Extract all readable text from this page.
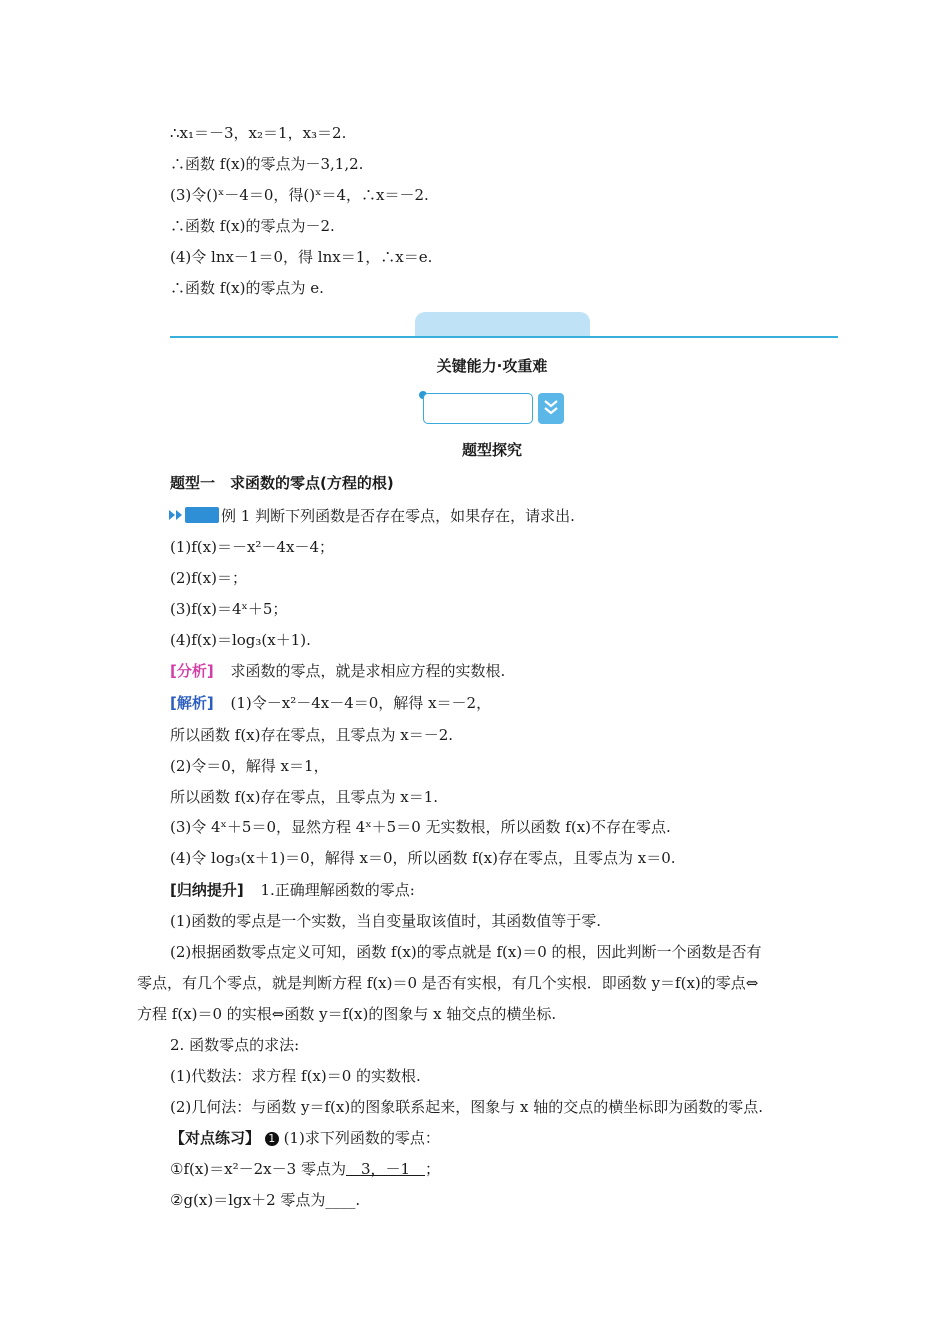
∴x₁＝－3，x₂＝1，x₃＝2.
∴函数 f(x)的零点为－3,1,2.
(3)令()ˣ－4＝0，得()ˣ＝4，∴x＝－2.
∴函数 f(x)的零点为－2.
(4)令 lnx－1＝0，得 lnx＝1，∴x＝e.
∴函数 f(x)的零点为 e.
关键能力·攻重难
题型探究
题型一　求函数的零点(方程的根)
例 1 判断下列函数是否存在零点，如果存在，请求出.
(1)f(x)＝－x²－4x－4；
(2)f(x)＝；
(3)f(x)＝4ˣ＋5；
(4)f(x)＝log₃(x＋1).
[分析] 求函数的零点，就是求相应方程的实数根.
[解析] (1)令－x²－4x－4＝0，解得 x＝－2，
所以函数 f(x)存在零点，且零点为 x＝－2.
(2)令＝0，解得 x＝1，
所以函数 f(x)存在零点，且零点为 x＝1.
(3)令 4ˣ＋5＝0，显然方程 4ˣ＋5＝0 无实数根，所以函数 f(x)不存在零点.
(4)令 log₃(x＋1)＝0，解得 x＝0，所以函数 f(x)存在零点，且零点为 x＝0.
[归纳提升] 1.正确理解函数的零点:
(1)函数的零点是一个实数，当自变量取该值时，其函数值等于零.
(2)根据函数零点定义可知，函数 f(x)的零点就是 f(x)＝0 的根，因此判断一个函数是否有
零点，有几个零点，就是判断方程 f(x)＝0 是否有实根，有几个实根．即函数 y＝f(x)的零点⇔
方程 f(x)＝0 的实根⇔函数 y＝f(x)的图象与 x 轴交点的横坐标.
2. 函数零点的求法:
(1)代数法：求方程 f(x)＝0 的实数根.
(2)几何法：与函数 y＝f(x)的图象联系起来，图象与 x 轴的交点的横坐标即为函数的零点.
【对点练习】 1 (1)求下列函数的零点：
①f(x)＝x²－2x－3 零点为　3，－1　；
②g(x)＝lgx＋2 零点为____.
